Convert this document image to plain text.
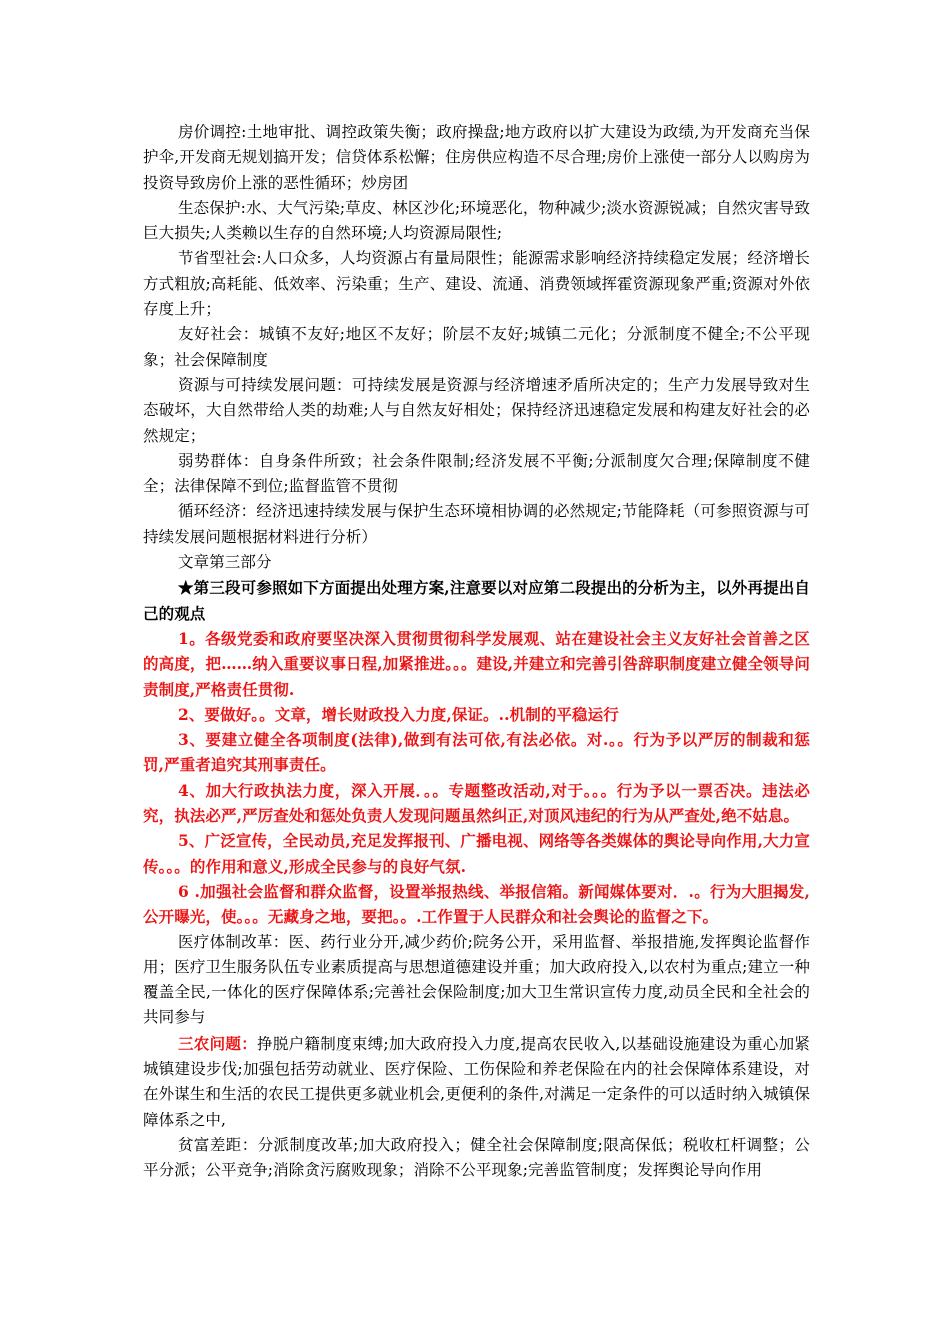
房价调控:土地审批、调控政策失衡；政府操盘;地方政府以扩大建设为政绩,为开发商充当保护伞,开发商无规划搞开发；信贷体系松懈；住房供应构造不尽合理;房价上涨使一部分人以购房为投资导致房价上涨的恶性循环；炒房团

生态保护:水、大气污染;草皮、林区沙化;环境恶化，物种减少;淡水资源锐减；自然灾害导致巨大损失;人类赖以生存的自然环境;人均资源局限性;

节省型社会:人口众多，人均资源占有量局限性；能源需求影响经济持续稳定发展；经济增长方式粗放;高耗能、低效率、污染重；生产、建设、流通、消费领域挥霍资源现象严重;资源对外依存度上升；

友好社会：城镇不友好;地区不友好；阶层不友好;城镇二元化；分派制度不健全;不公平现象；社会保障制度

资源与可持续发展问题：可持续发展是资源与经济增速矛盾所决定的；生产力发展导致对生态破坏，大自然带给人类的劫难;人与自然友好相处；保持经济迅速稳定发展和构建友好社会的必然规定；

弱势群体：自身条件所致；社会条件限制;经济发展不平衡;分派制度欠合理;保障制度不健全；法律保障不到位;监督监管不贯彻

循环经济：经济迅速持续发展与保护生态环境相协调的必然规定;节能降耗（可参照资源与可持续发展问题根据材料进行分析）

文章第三部分

★第三段可参照如下方面提出处理方案,注意要以对应第二段提出的分析为主，以外再提出自己的观点

1。各级党委和政府要坚决深入贯彻贯彻科学发展观、站在建设社会主义友好社会首善之区的高度，把……纳入重要议事日程,加紧推进。。。建设,并建立和完善引咎辞职制度建立健全领导问责制度,严格责任贯彻.

2、要做好。。文章，增长财政投入力度,保证。..机制的平稳运行

3、要建立健全各项制度(法律),做到有法可依,有法必依。对.。。行为予以严厉的制裁和惩罚,严重者追究其刑事责任。

4、加大行政执法力度，深入开展．。。专题整改活动,对于。。。行为予以一票否决。违法必究，执法必严,严厉查处和惩处负责人发现问题虽然纠正,对顶风违纪的行为从严查处,绝不姑息。

5、广泛宣传，全民动员,充足发挥报刊、广播电视、网络等各类媒体的舆论导向作用,大力宣传。。。的作用和意义,形成全民参与的良好气氛.

6 .加强社会监督和群众监督，设置举报热线、举报信箱。新闻媒体要对．.。行为大胆揭发,公开曝光，使。。。无藏身之地，要把。。.工作置于人民群众和社会舆论的监督之下。

医疗体制改革：医、药行业分开,减少药价;院务公开，采用监督、举报措施,发挥舆论监督作用；医疗卫生服务队伍专业素质提高与思想道德建设并重；加大政府投入,以农村为重点;建立一种覆盖全民,一体化的医疗保障体系;完善社会保险制度;加大卫生常识宣传力度,动员全民和全社会的共同参与

三农问题：挣脱户籍制度束缚;加大政府投入力度,提高农民收入,以基础设施建设为重心加紧城镇建设步伐;加强包括劳动就业、医疗保险、工伤保险和养老保险在内的社会保障体系建设，对在外谋生和生活的农民工提供更多就业机会,更便利的条件,对满足一定条件的可以适时纳入城镇保障体系之中,

贫富差距：分派制度改革;加大政府投入；健全社会保障制度;限高保低；税收杠杆调整；公平分派；公平竞争;消除贪污腐败现象；消除不公平现象;完善监管制度；发挥舆论导向作用
